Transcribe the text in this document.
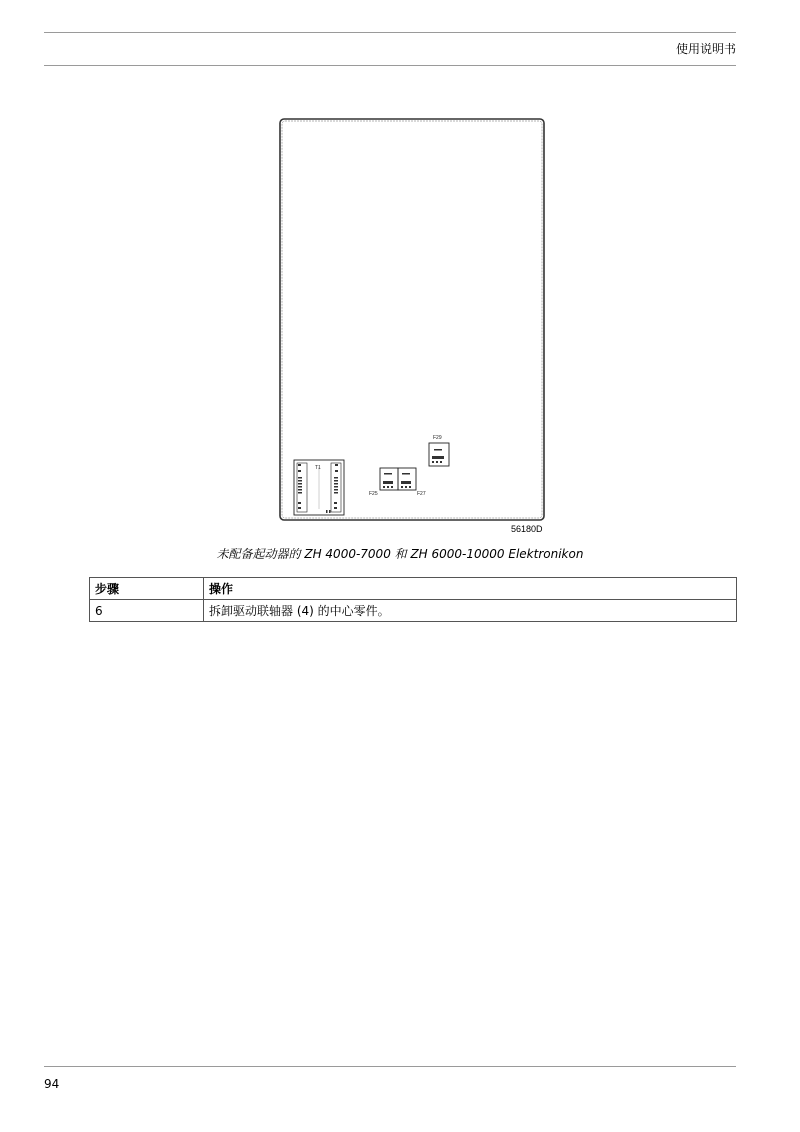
使用说明书
T1
F25	F27
F29
56180D
未配备起动器的 ZH 4000-7000 和 ZH 6000-10000 Elektronikon
步骤	操作
6	拆卸驱动联轴器 (4) 的中心零件。
94
